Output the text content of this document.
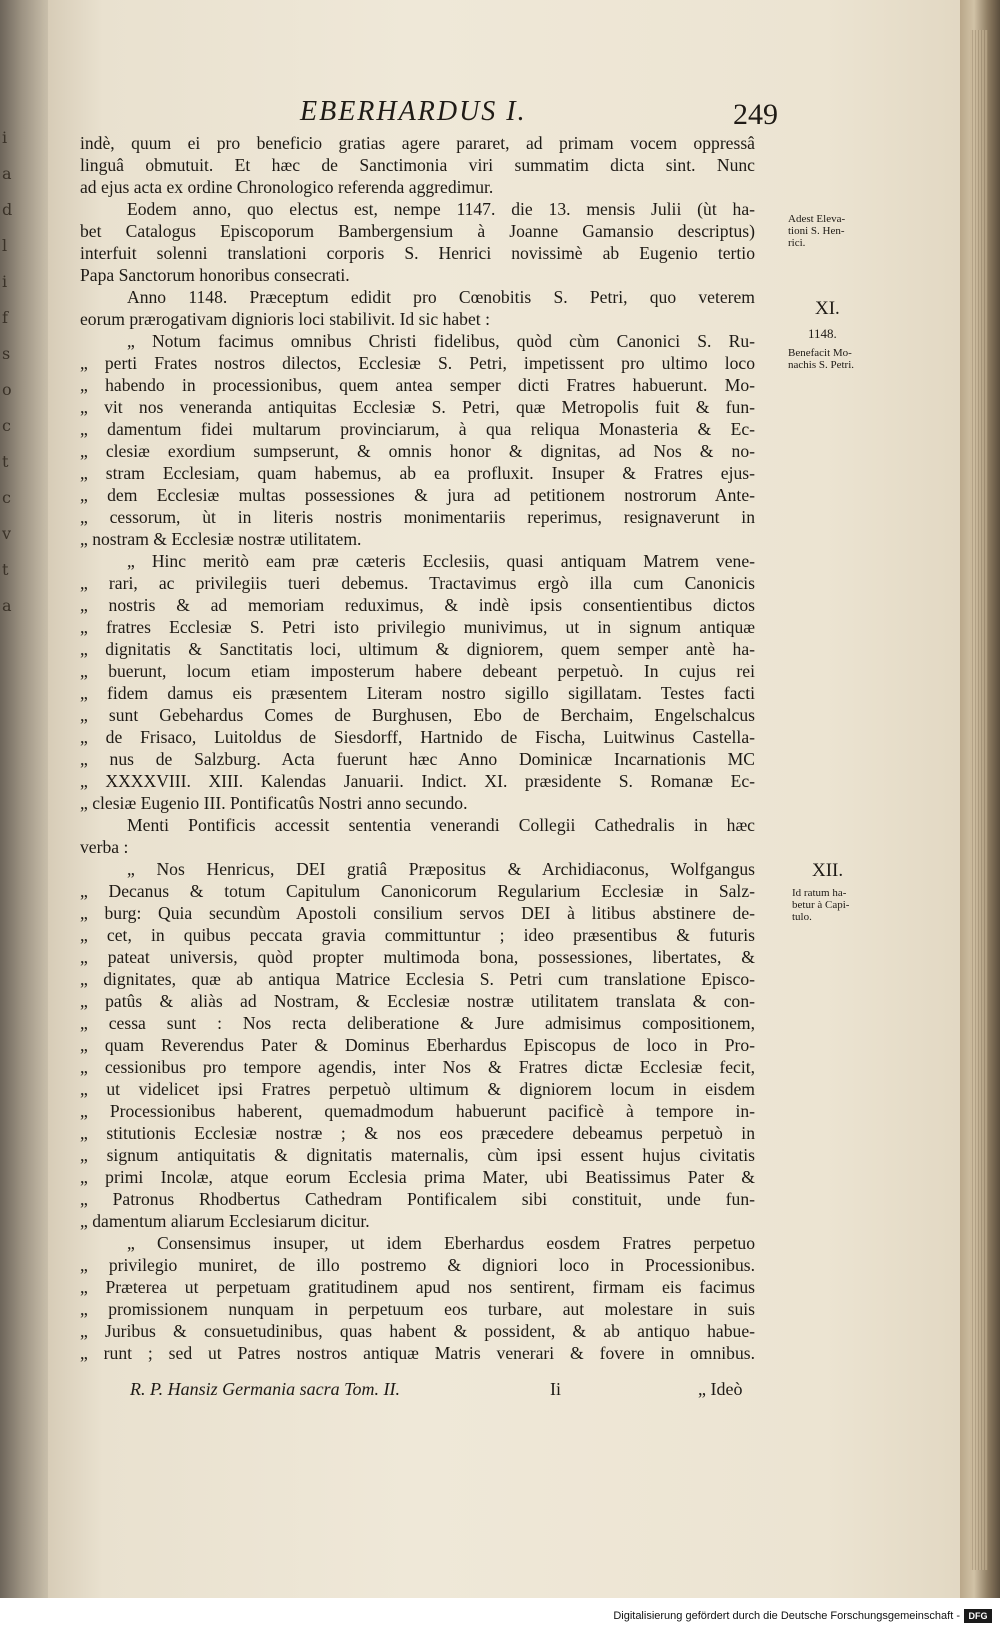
i
a
d
l
i
f
s
o
c
t
c
v
t
a
EBERHARDUS I.	249
indè, quum ei pro beneficio gratias agere pararet, ad primam vocem oppressâ
linguâ obmutuit. Et hæc de Sanctimonia viri summatim dicta sint. Nunc
ad ejus acta ex ordine Chronologico referenda aggredimur.
Eodem anno, quo electus est, nempe 1147. die 13. mensis Julii (ùt ha-
bet Catalogus Episcoporum Bambergensium à Joanne Gamansio descriptus)
interfuit solenni translationi corporis S. Henrici novissimè ab Eugenio tertio
Papa Sanctorum honoribus consecrati.
Anno 1148. Præceptum edidit pro Cœnobitis S. Petri, quo veterem
eorum prærogativam dignioris loci stabilivit. Id sic habet :
„ Notum facimus omnibus Christi fidelibus, quòd cùm Canonici S. Ru-
„ perti Frates nostros dilectos, Ecclesiæ S. Petri, impetissent pro ultimo loco
„ habendo in processionibus, quem antea semper dicti Fratres habuerunt. Mo-
„ vit nos veneranda antiquitas Ecclesiæ S. Petri, quæ Metropolis fuit & fun-
„ damentum fidei multarum provinciarum, à qua reliqua Monasteria & Ec-
„ clesiæ exordium sumpserunt, & omnis honor & dignitas, ad Nos & no-
„ stram Ecclesiam, quam habemus, ab ea profluxit. Insuper & Fratres ejus-
„ dem Ecclesiæ multas possessiones & jura ad petitionem nostrorum Ante-
„ cessorum, ùt in literis nostris monimentariis reperimus, resignaverunt in
„ nostram & Ecclesiæ nostræ utilitatem.
„ Hinc meritò eam præ cæteris Ecclesiis, quasi antiquam Matrem vene-
„ rari, ac privilegiis tueri debemus. Tractavimus ergò illa cum Canonicis
„ nostris & ad memoriam reduximus, & indè ipsis consentientibus dictos
„ fratres Ecclesiæ S. Petri isto privilegio munivimus, ut in signum antiquæ
„ dignitatis & Sanctitatis loci, ultimum & digniorem, quem semper antè ha-
„ buerunt, locum etiam imposterum habere debeant perpetuò. In cujus rei
„ fidem damus eis præsentem Literam nostro sigillo sigillatam. Testes facti
„ sunt Gebehardus Comes de Burghusen, Ebo de Berchaim, Engelschalcus
„ de Frisaco, Luitoldus de Siesdorff, Hartnido de Fischa, Luitwinus Castella-
„ nus de Salzburg. Acta fuerunt hæc Anno Dominicæ Incarnationis MC
„ XXXXVIII. XIII. Kalendas Januarii. Indict. XI. præsidente S. Romanæ Ec-
„ clesiæ Eugenio III. Pontificatûs Nostri anno secundo.
Menti Pontificis accessit sententia venerandi Collegii Cathedralis in hæc
verba :
„ Nos Henricus, DEI gratiâ Præpositus & Archidiaconus, Wolfgangus
„ Decanus & totum Capitulum Canonicorum Regularium Ecclesiæ in Salz-
„ burg: Quia secundùm Apostoli consilium servos DEI à litibus abstinere de-
„ cet, in quibus peccata gravia committuntur ; ideo præsentibus & futuris
„ pateat universis, quòd propter multimoda bona, possessiones, libertates, &
„ dignitates, quæ ab antiqua Matrice Ecclesia S. Petri cum translatione Episco-
„ patûs & aliàs ad Nostram, & Ecclesiæ nostræ utilitatem translata & con-
„ cessa sunt : Nos recta deliberatione & Jure admisimus compositionem,
„ quam Reverendus Pater & Dominus Eberhardus Episcopus de loco in Pro-
„ cessionibus pro tempore agendis, inter Nos & Fratres dictæ Ecclesiæ fecit,
„ ut videlicet ipsi Fratres perpetuò ultimum & digniorem locum in eisdem
„ Processionibus haberent, quemadmodum habuerunt pacificè à tempore in-
„ stitutionis Ecclesiæ nostræ ; & nos eos præcedere debeamus perpetuò in
„ signum antiquitatis & dignitatis maternalis, cùm ipsi essent hujus civitatis
„ primi Incolæ, atque eorum Ecclesia prima Mater, ubi Beatissimus Pater &
„ Patronus Rhodbertus Cathedram Pontificalem sibi constituit, unde fun-
„ damentum aliarum Ecclesiarum dicitur.
„ Consensimus insuper, ut idem Eberhardus eosdem Fratres perpetuo
„ privilegio muniret, de illo postremo & digniori loco in Processionibus.
„ Præterea ut perpetuam gratitudinem apud nos sentirent, firmam eis facimus
„ promissionem nunquam in perpetuum eos turbare, aut molestare in suis
„ Juribus & consuetudinibus, quas habent & possident, & ab antiquo habue-
„ runt ; sed ut Patres nostros antiquæ Matris venerari & fovere in omnibus.
Adest Eleva-
tioni S. Hen-
rici.
XI.
1148.
Benefacit Mo-
nachis S. Petri.
XII.
Id ratum ha-
betur à Capi-
tulo.
R. P. Hansiz Germania sacra Tom. II.	Ii	„ Ideò
Digitalisierung gefördert durch die Deutsche Forschungsgemeinschaft - DFG
